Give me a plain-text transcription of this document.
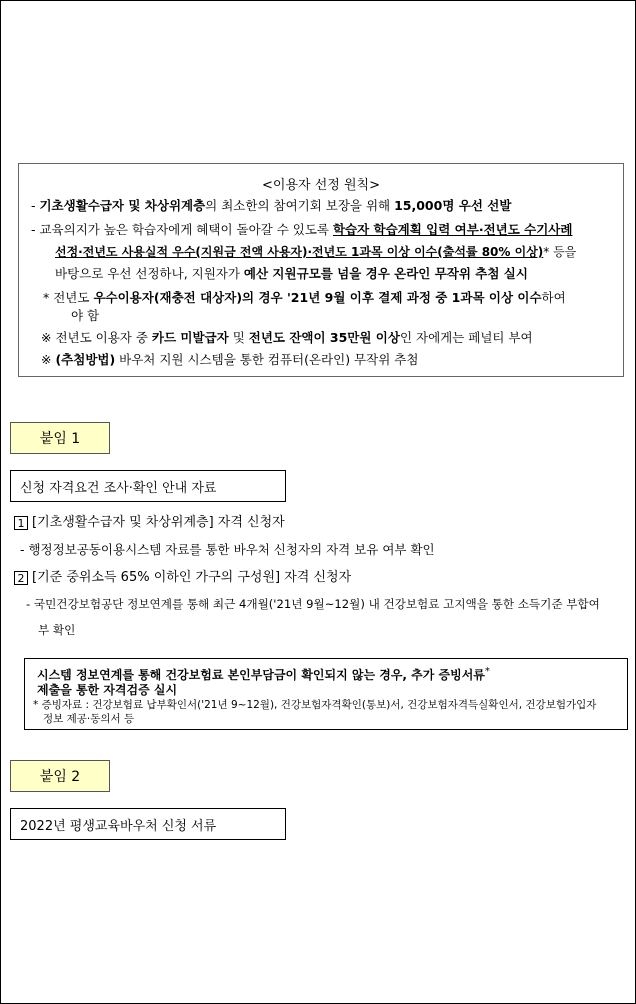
<이용자 선정 원칙>
- 기초생활수급자 및 차상위계층의 최소한의 참여기회 보장을 위해 15,000명 우선 선발
- 교육의지가 높은 학습자에게 혜택이 돌아갈 수 있도록 학습자 학습계획 입력 여부·전년도 수기사례
선정·전년도 사용실적 우수(지원금 전액 사용자)·전년도 1과목 이상 이수(출석률 80% 이상)* 등을
바탕으로 우선 선정하나, 지원자가 예산 지원규모를 넘을 경우 온라인 무작위 추첨 실시
* 전년도 우수이용자(재충전 대상자)의 경우 '21년 9월 이후 결제 과정 중 1과목 이상 이수하여
야 함
※ 전년도 이용자 중 카드 미발급자 및 전년도 잔액이 35만원 이상인 자에게는 페널티 부여
※ (추첨방법) 바우처 지원 시스템을 통한 컴퓨터(온라인) 무작위 추첨
붙임 1
신청 자격요건 조사·확인 안내 자료
1 [기초생활수급자 및 차상위계층] 자격 신청자
- 행정정보공동이용시스템 자료를 통한 바우처 신청자의 자격 보유 여부 확인
2 [기준 중위소득 65% 이하인 가구의 구성원] 자격 신청자
- 국민건강보험공단 정보연계를 통해 최근 4개월('21년 9월~12월) 내 건강보험료 고지액을 통한 소득기준 부합여
부 확인
시스템 정보연계를 통해 건강보험료 본인부담금이 확인되지 않는 경우, 추가 증빙서류*
제출을 통한 자격검증 실시
* 증빙자료 : 건강보험료 납부확인서('21년 9~12월), 건강보험자격확인(통보)서, 건강보험자격득실확인서, 건강보험가입자
정보 제공·동의서 등
붙임 2
2022년 평생교육바우처 신청 서류
